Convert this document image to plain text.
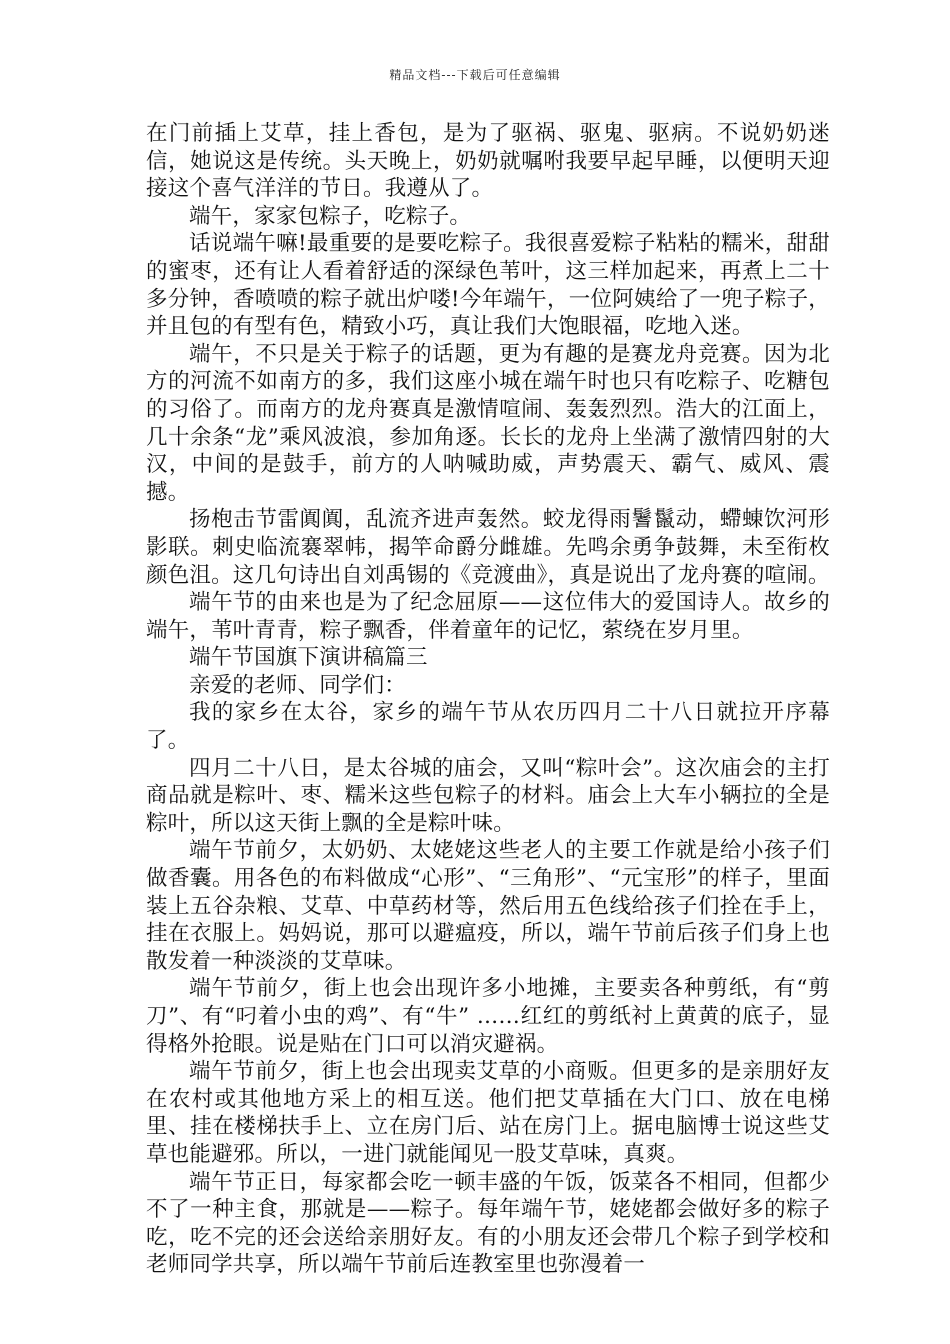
精品文档---下载后可任意编辑

在门前插上艾草，挂上香包，是为了驱祸、驱鬼、驱病。不说奶奶迷信，她说这是传统。头天晚上，奶奶就嘱咐我要早起早睡，以便明天迎接这个喜气洋洋的节日。我遵从了。

端午，家家包粽子，吃粽子。

话说端午嘛!最重要的是要吃粽子。我很喜爱粽子粘粘的糯米，甜甜的蜜枣，还有让人看着舒适的深绿色苇叶，这三样加起来，再煮上二十多分钟，香喷喷的粽子就出炉喽!今年端午，一位阿姨给了一兜子粽子，并且包的有型有色，精致小巧，真让我们大饱眼福，吃地入迷。

端午，不只是关于粽子的话题，更为有趣的是赛龙舟竞赛。因为北方的河流不如南方的多，我们这座小城在端午时也只有吃粽子、吃糖包的习俗了。而南方的龙舟赛真是激情喧闹、轰轰烈烈。浩大的江面上，几十余条“龙”乘风波浪，参加角逐。长长的龙舟上坐满了激情四射的大汉，中间的是鼓手，前方的人呐喊助威，声势震天、霸气、威风、震撼。

扬枹击节雷阗阗，乱流齐进声轰然。蛟龙得雨鬐鬣动，螮蝀饮河形影联。刺史临流褰翠帏，揭竿命爵分雌雄。先鸣余勇争鼓舞，未至衔枚颜色沮。这几句诗出自刘禹锡的《竞渡曲》，真是说出了龙舟赛的喧闹。

端午节的由来也是为了纪念屈原——这位伟大的爱国诗人。故乡的端午，苇叶青青，粽子飘香，伴着童年的记忆，萦绕在岁月里。

端午节国旗下演讲稿篇三

亲爱的老师、同学们：

我的家乡在太谷，家乡的端午节从农历四月二十八日就拉开序幕了。

四月二十八日，是太谷城的庙会，又叫“粽叶会”。这次庙会的主打商品就是粽叶、枣、糯米这些包粽子的材料。庙会上大车小辆拉的全是粽叶，所以这天街上飘的全是粽叶味。

端午节前夕，太奶奶、太姥姥这些老人的主要工作就是给小孩子们做香囊。用各色的布料做成“心形”、“三角形”、“元宝形”的样子，里面装上五谷杂粮、艾草、中草药材等，然后用五色线给孩子们拴在手上，挂在衣服上。妈妈说，那可以避瘟疫，所以，端午节前后孩子们身上也散发着一种淡淡的艾草味。

端午节前夕，街上也会出现许多小地摊，主要卖各种剪纸，有“剪刀”、有“叼着小虫的鸡”、有“牛” ……红红的剪纸衬上黄黄的底子，显得格外抢眼。说是贴在门口可以消灾避祸。

端午节前夕，街上也会出现卖艾草的小商贩。但更多的是亲朋好友在农村或其他地方采上的相互送。他们把艾草插在大门口、放在电梯里、挂在楼梯扶手上、立在房门后、站在房门上。据电脑博士说这些艾草也能避邪。所以，一进门就能闻见一股艾草味，真爽。

端午节正日，每家都会吃一顿丰盛的午饭，饭菜各不相同，但都少不了一种主食，那就是——粽子。每年端午节，姥姥都会做好多的粽子吃，吃不完的还会送给亲朋好友。有的小朋友还会带几个粽子到学校和老师同学共享，所以端午节前后连教室里也弥漫着一
